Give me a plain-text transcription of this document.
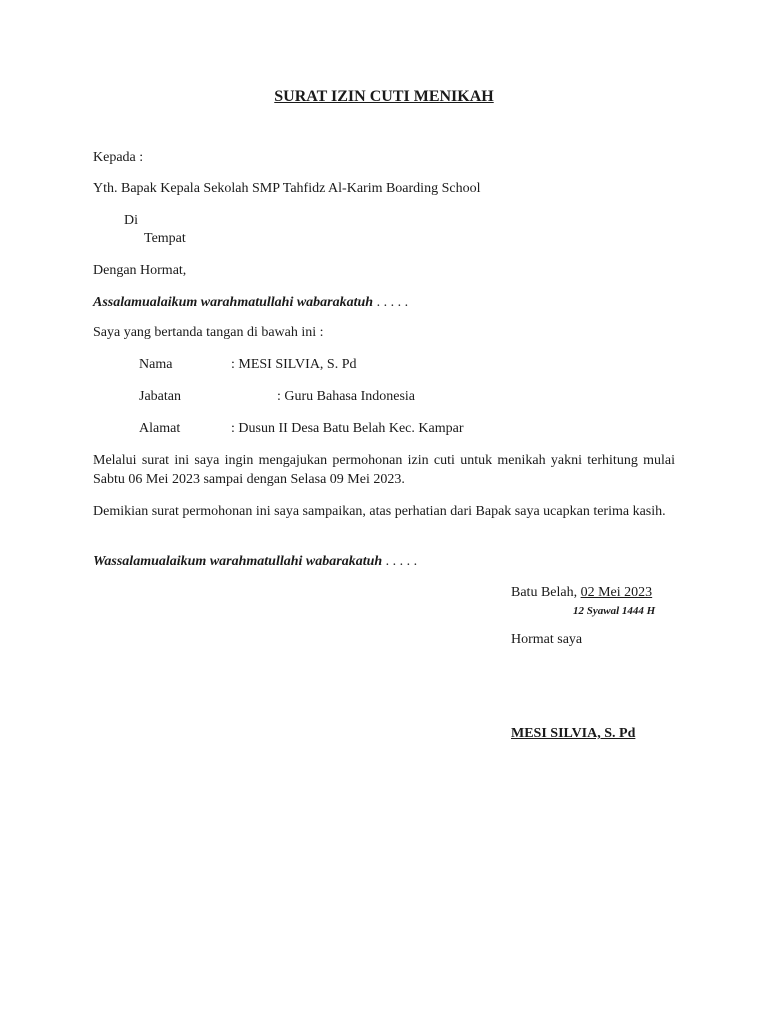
SURAT IZIN CUTI MENIKAH
Kepada :
Yth. Bapak Kepala Sekolah SMP Tahfidz Al-Karim Boarding School
Di
Tempat
Dengan Hormat,
Assalamualaikum warahmatullahi wabarakatuh . . . . .
Saya yang bertanda tangan di bawah ini :
Nama	: MESI SILVIA, S. Pd
Jabatan	: Guru Bahasa Indonesia
Alamat	: Dusun II Desa Batu Belah Kec. Kampar
Melalui surat ini saya ingin mengajukan permohonan izin cuti untuk menikah yakni terhitung mulai Sabtu 06 Mei 2023 sampai dengan Selasa 09 Mei 2023.
Demikian surat permohonan ini saya sampaikan, atas perhatian dari Bapak saya ucapkan terima kasih.
Wassalamualaikum warahmatullahi wabarakatuh . . . . .
Batu Belah, 02 Mei 2023
12 Syawal 1444 H
Hormat saya
MESI SILVIA, S. Pd
